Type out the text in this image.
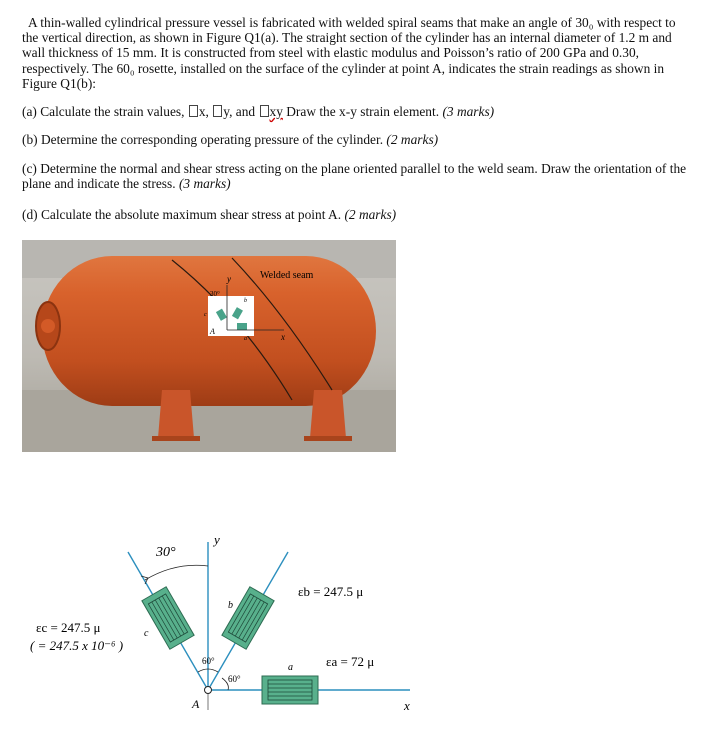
A thin-walled cylindrical pressure vessel is fabricated with welded spiral seams that make an angle of 30₀ with respect to the vertical direction, as shown in Figure Q1(a). The straight section of the cylinder has an internal diameter of 1.2 m and wall thickness of 15 mm. It is constructed from steel with elastic modulus and Poisson’s ratio of 200 GPa and 0.30, respectively. The 60₀ rosette, installed on the surface of the cylinder at point A, indicates the strain readings as shown in Figure Q1(b):

(a) Calculate the strain values, x, y, and xy Draw the x-y strain element. (3 marks)

(b) Determine the corresponding operating pressure of the cylinder. (2 marks)

(c) Determine the normal and shear stress acting on the plane oriented parallel to the weld seam. Draw the orientation of the plane and indicate the stress. (3 marks)

(d) Calculate the absolute maximum shear stress at point A. (2 marks)

y
x
30°
a
b
c
A
Welded seam
30°
y
x
c
b
a
60°
60°
A
εb = 247.5 μ
εc = 247.5 μ
( = 247.5 x 10⁻⁶ )
εa = 72 μ
